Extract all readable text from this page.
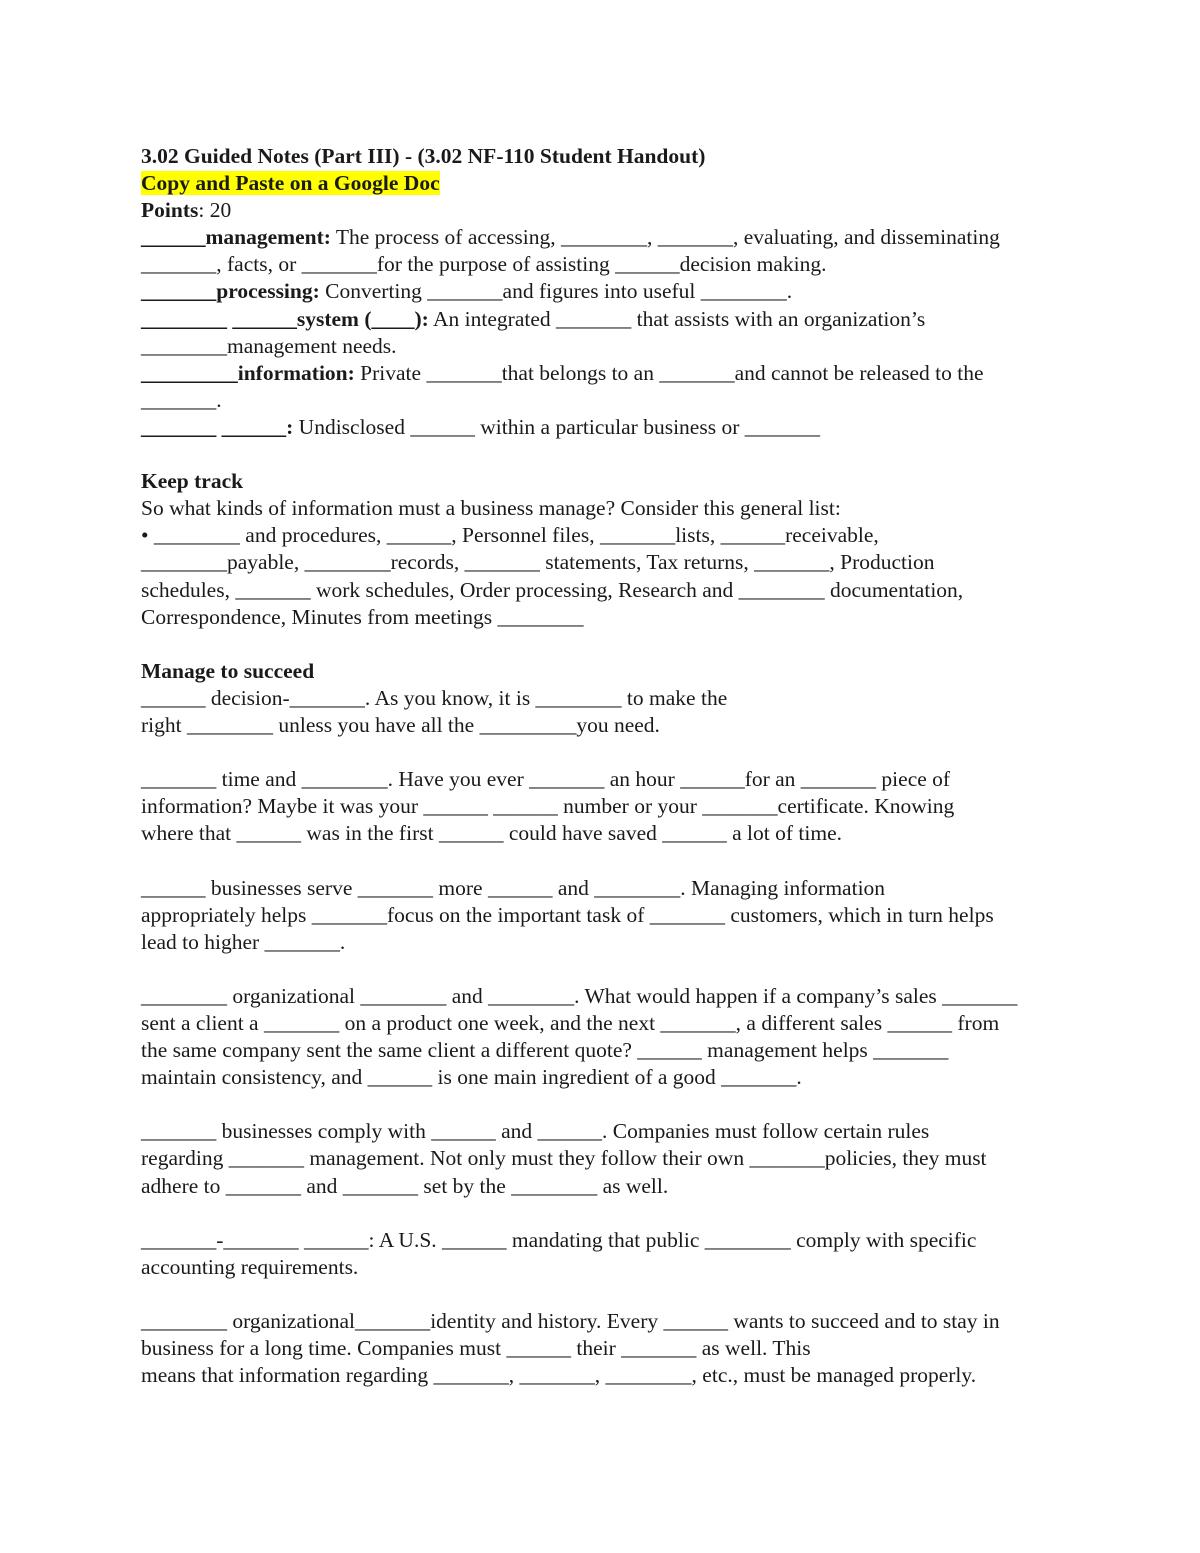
3.02 Guided Notes (Part III) - (3.02 NF-110 Student Handout)
Copy and Paste on a Google Doc
Points: 20
______management: The process of accessing, ________, _______, evaluating, and disseminating
_______, facts, or _______for the purpose of assisting ______decision making.
_______processing: Converting _______and figures into useful ________.
________ ______system (____): An integrated _______ that assists with an organization’s
________management needs.
_________information: Private _______that belongs to an _______and cannot be released to the
_______.
_______ ______: Undisclosed ______ within a particular business or _______
Keep track
So what kinds of information must a business manage? Consider this general list:
• ________ and procedures, ______, Personnel files, _______lists, ______receivable,
________payable, ________records, _______ statements, Tax returns, _______, Production
schedules, _______ work schedules, Order processing, Research and ________ documentation,
Correspondence, Minutes from meetings ________
Manage to succeed
______ decision-_______. As you know, it is ________ to make the
right ________ unless you have all the _________you need.
_______ time and ________. Have you ever _______ an hour ______for an _______ piece of
information? Maybe it was your ______ ______ number or your _______certificate. Knowing
where that ______ was in the first ______ could have saved ______ a lot of time.
______ businesses serve _______ more ______ and ________. Managing information
appropriately helps _______focus on the important task of _______ customers, which in turn helps
lead to higher _______.
________ organizational ________ and ________. What would happen if a company’s sales _______
sent a client a _______ on a product one week, and the next _______, a different sales ______ from
the same company sent the same client a different quote? ______ management helps _______
maintain consistency, and ______ is one main ingredient of a good _______.
_______ businesses comply with ______ and ______. Companies must follow certain rules
regarding _______ management. Not only must they follow their own _______policies, they must
adhere to _______ and _______ set by the ________ as well.
_______-_______ ______: A U.S. ______ mandating that public ________ comply with specific
accounting requirements.
________ organizational_______identity and history. Every ______ wants to succeed and to stay in
business for a long time. Companies must ______ their _______ as well. This
means that information regarding _______, _______, ________, etc., must be managed properly.
